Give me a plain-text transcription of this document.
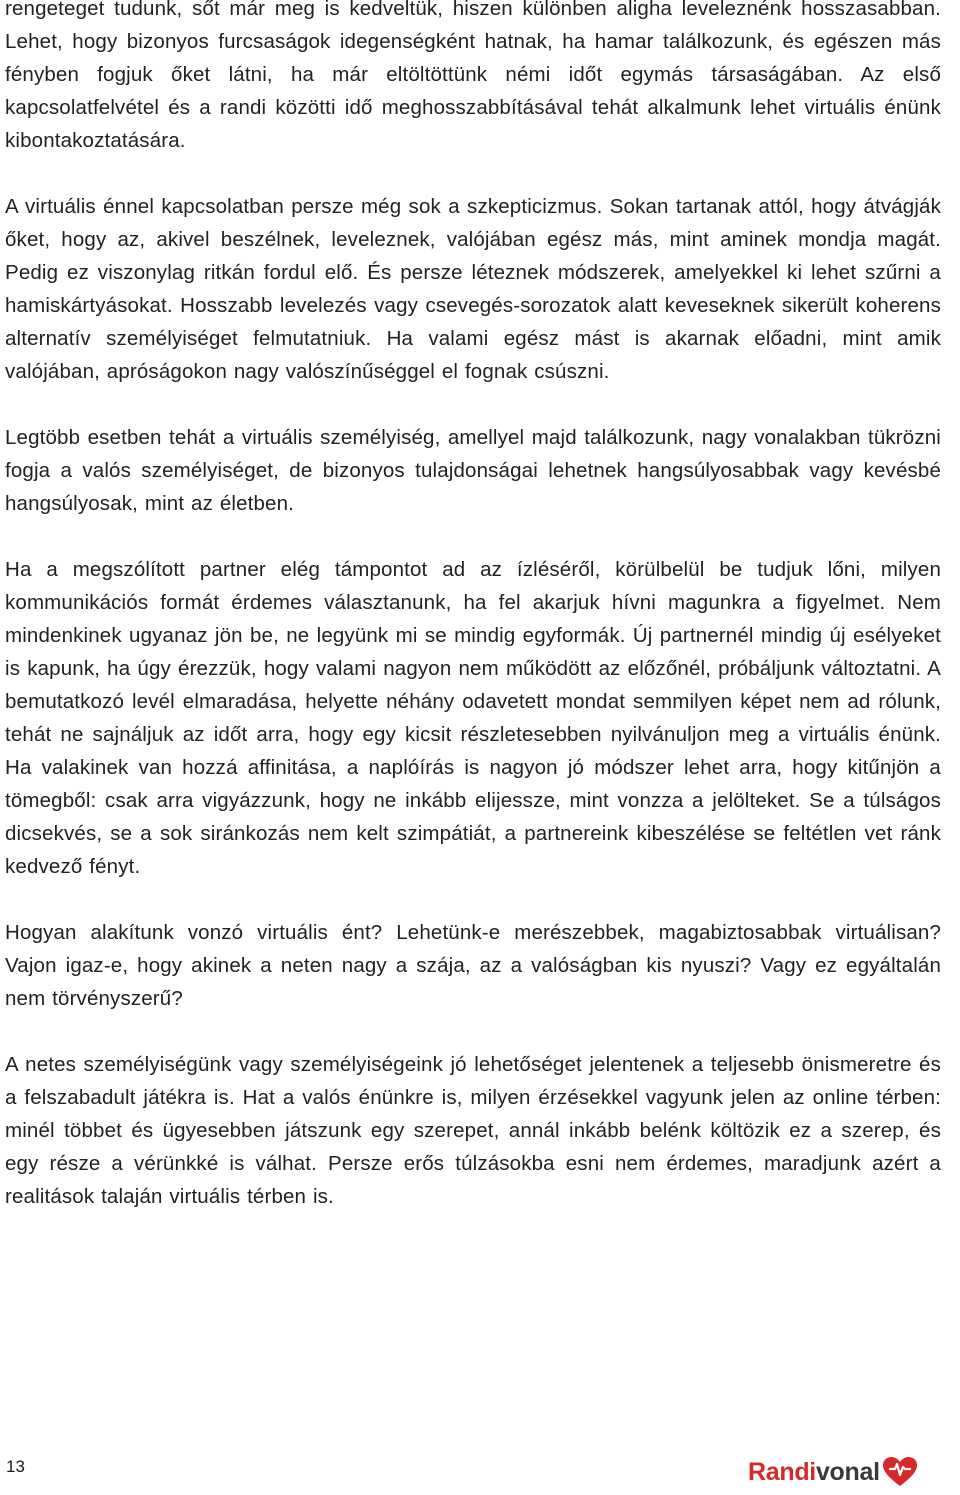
rengeteget tudunk, sőt már meg is kedveltük, hiszen különben aligha leveleznénk hosszasabban. Lehet, hogy bizonyos furcsaságok idegenségként hatnak, ha hamar találkozunk, és egészen más fényben fogjuk őket látni, ha már eltöltöttünk némi időt egymás társaságában. Az első kapcsolatfelvétel és a randi közötti idő meghosszabbításával tehát alkalmunk lehet virtuális énünk kibontakoztatására.

A virtuális énnel kapcsolatban persze még sok a szkepticizmus. Sokan tartanak attól, hogy átvágják őket, hogy az, akivel beszélnek, leveleznek, valójában egész más, mint aminek mondja magát. Pedig ez viszonylag ritkán fordul elő. És persze léteznek módszerek, amelyekkel ki lehet szűrni a hamiskártyásokat. Hosszabb levelezés vagy csevegés-sorozatok alatt keveseknek sikerült koherens alternatív személyiséget felmutatniuk. Ha valami egész mást is akarnak előadni, mint amik valójában, apróságokon nagy valószínűséggel el fognak csúszni.

Legtöbb esetben tehát a virtuális személyiség, amellyel majd találkozunk, nagy vonalakban tükrözni fogja a valós személyiséget, de bizonyos tulajdonságai lehetnek hangsúlyosabbak vagy kevésbé hangsúlyosak, mint az életben.

Ha a megszólított partner elég támpontot ad az ízléséről, körülbelül be tudjuk lőni, milyen kommunikációs formát érdemes választanunk, ha fel akarjuk hívni magunkra a figyelmet. Nem mindenkinek ugyanaz jön be, ne legyünk mi se mindig egyformák. Új partnernél mindig új esélyeket is kapunk, ha úgy érezzük, hogy valami nagyon nem működött az előzőnél, próbáljunk változtatni. A bemutatkozó levél elmaradása, helyette néhány odavetett mondat semmilyen képet nem ad rólunk, tehát ne sajnáljuk az időt arra, hogy egy kicsit részletesebben nyilvánuljon meg a virtuális énünk. Ha valakinek van hozzá affinitása, a naplóírás is nagyon jó módszer lehet arra, hogy kitűnjön a tömegből: csak arra vigyázzunk, hogy ne inkább elijessze, mint vonzza a jelölteket. Se a túlságos dicsekvés, se a sok siránkozás nem kelt szimpátiát, a partnereink kibeszélése se feltétlen vet ránk kedvező fényt.

Hogyan alakítunk vonzó virtuális ént? Lehetünk-e merészebbek, magabiztosabbak virtuálisan? Vajon igaz-e, hogy akinek a neten nagy a szája, az a valóságban kis nyuszi? Vagy ez egyáltalán nem törvényszerű?

A netes személyiségünk vagy személyiségeink jó lehetőséget jelentenek a teljesebb önismeretre és a felszabadult játékra is. Hat a valós énünkre is, milyen érzésekkel vagyunk jelen az online térben: minél többet és ügyesebben játszunk egy szerepet, annál inkább belénk költözik ez a szerep, és egy része a vérünkké is válhat. Persze erős túlzásokba esni nem érdemes, maradjunk azért a realitások talaján virtuális térben is.

13	Randi vonal
